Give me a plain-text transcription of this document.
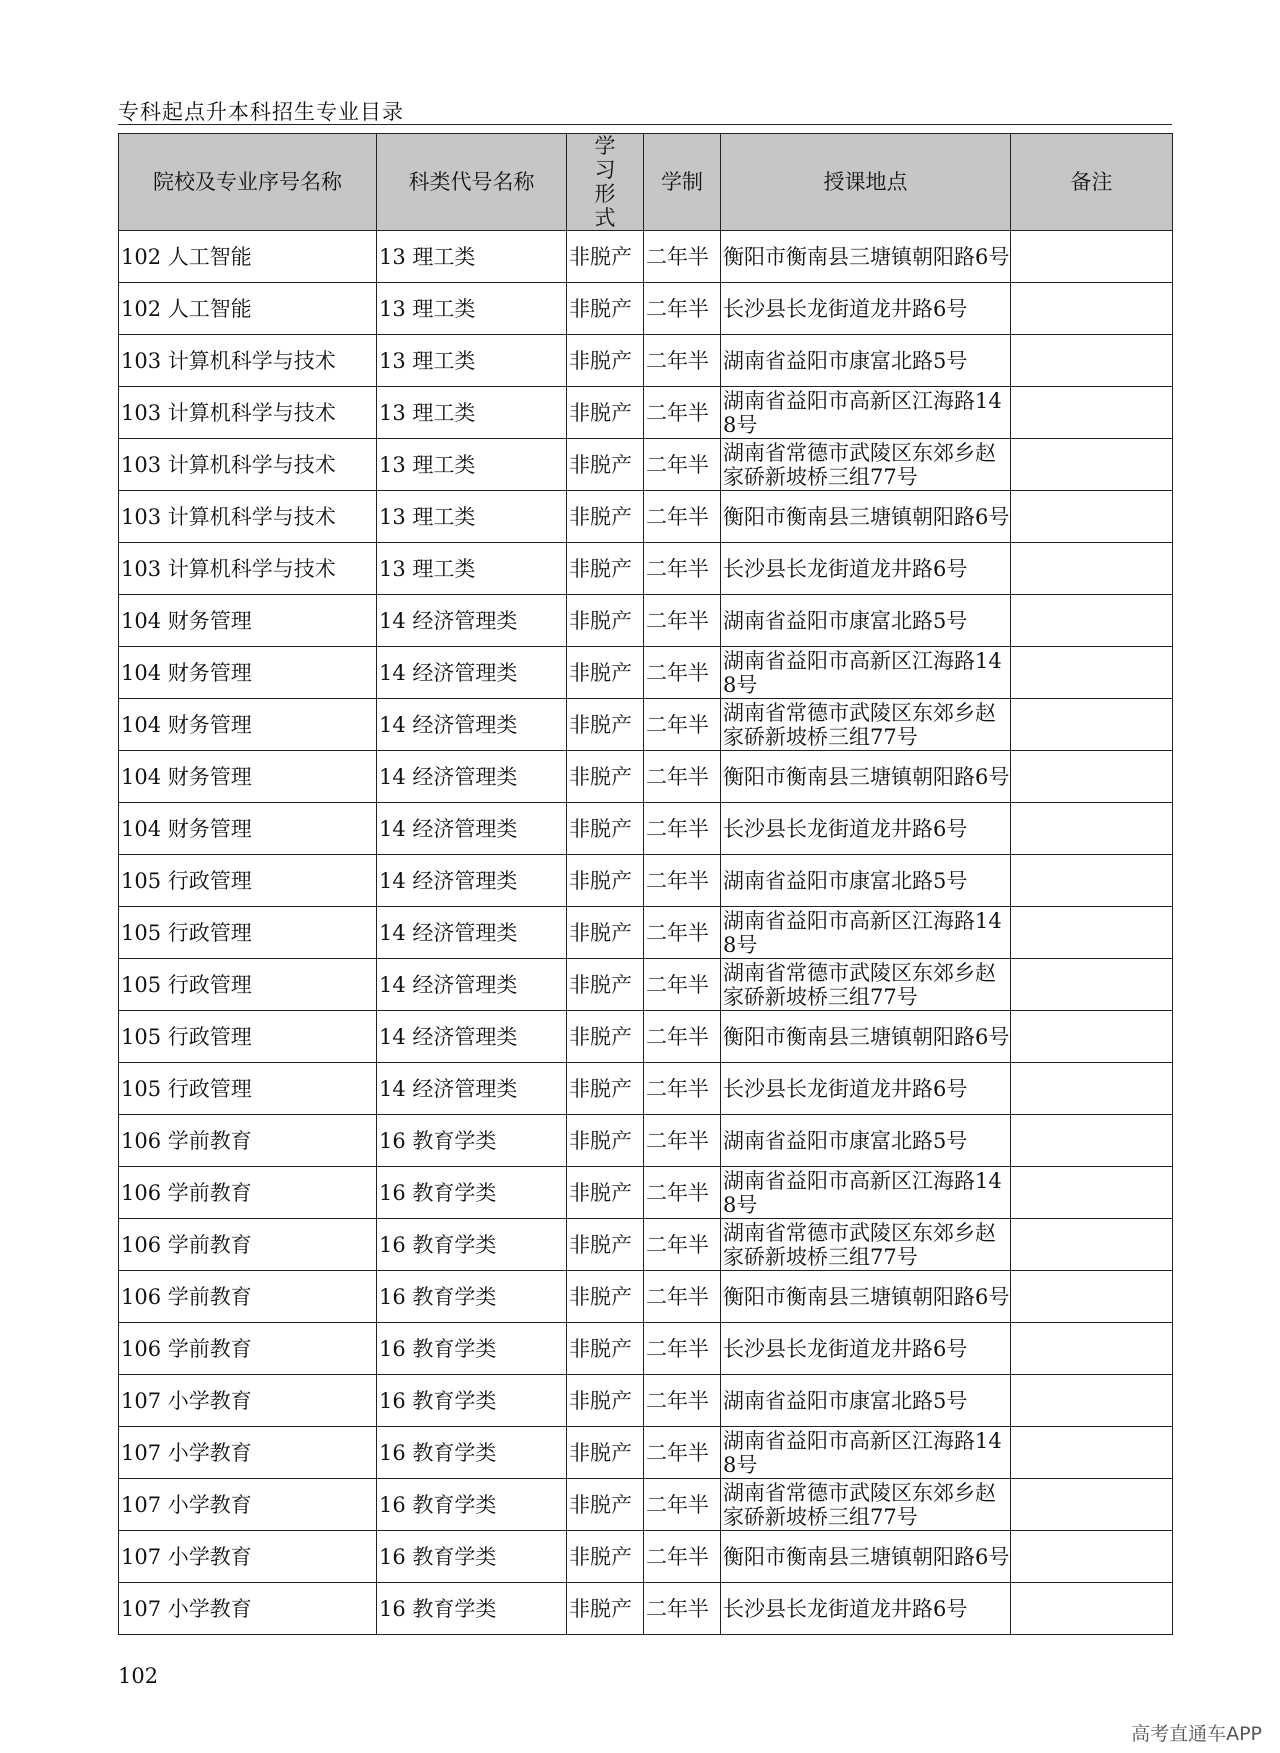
专科起点升本科招生专业目录
院校及专业序号名称	科类代号名称	学习形式	学制	授课地点	备注
102 人工智能	13 理工类	非脱产	二年半	衡阳市衡南县三塘镇朝阳路6号	
102 人工智能	13 理工类	非脱产	二年半	长沙县长龙街道龙井路6号	
103 计算机科学与技术	13 理工类	非脱产	二年半	湖南省益阳市康富北路5号	
103 计算机科学与技术	13 理工类	非脱产	二年半	湖南省益阳市高新区江海路148号	
103 计算机科学与技术	13 理工类	非脱产	二年半	湖南省常德市武陵区东郊乡赵家硚新坡桥三组77号	
103 计算机科学与技术	13 理工类	非脱产	二年半	衡阳市衡南县三塘镇朝阳路6号	
103 计算机科学与技术	13 理工类	非脱产	二年半	长沙县长龙街道龙井路6号	
104 财务管理	14 经济管理类	非脱产	二年半	湖南省益阳市康富北路5号	
104 财务管理	14 经济管理类	非脱产	二年半	湖南省益阳市高新区江海路148号	
104 财务管理	14 经济管理类	非脱产	二年半	湖南省常德市武陵区东郊乡赵家硚新坡桥三组77号	
104 财务管理	14 经济管理类	非脱产	二年半	衡阳市衡南县三塘镇朝阳路6号	
104 财务管理	14 经济管理类	非脱产	二年半	长沙县长龙街道龙井路6号	
105 行政管理	14 经济管理类	非脱产	二年半	湖南省益阳市康富北路5号	
105 行政管理	14 经济管理类	非脱产	二年半	湖南省益阳市高新区江海路148号	
105 行政管理	14 经济管理类	非脱产	二年半	湖南省常德市武陵区东郊乡赵家硚新坡桥三组77号	
105 行政管理	14 经济管理类	非脱产	二年半	衡阳市衡南县三塘镇朝阳路6号	
105 行政管理	14 经济管理类	非脱产	二年半	长沙县长龙街道龙井路6号	
106 学前教育	16 教育学类	非脱产	二年半	湖南省益阳市康富北路5号	
106 学前教育	16 教育学类	非脱产	二年半	湖南省益阳市高新区江海路148号	
106 学前教育	16 教育学类	非脱产	二年半	湖南省常德市武陵区东郊乡赵家硚新坡桥三组77号	
106 学前教育	16 教育学类	非脱产	二年半	衡阳市衡南县三塘镇朝阳路6号	
106 学前教育	16 教育学类	非脱产	二年半	长沙县长龙街道龙井路6号	
107 小学教育	16 教育学类	非脱产	二年半	湖南省益阳市康富北路5号	
107 小学教育	16 教育学类	非脱产	二年半	湖南省益阳市高新区江海路148号	
107 小学教育	16 教育学类	非脱产	二年半	湖南省常德市武陵区东郊乡赵家硚新坡桥三组77号	
107 小学教育	16 教育学类	非脱产	二年半	衡阳市衡南县三塘镇朝阳路6号	
107 小学教育	16 教育学类	非脱产	二年半	长沙县长龙街道龙井路6号	
102
高考直通车APP
